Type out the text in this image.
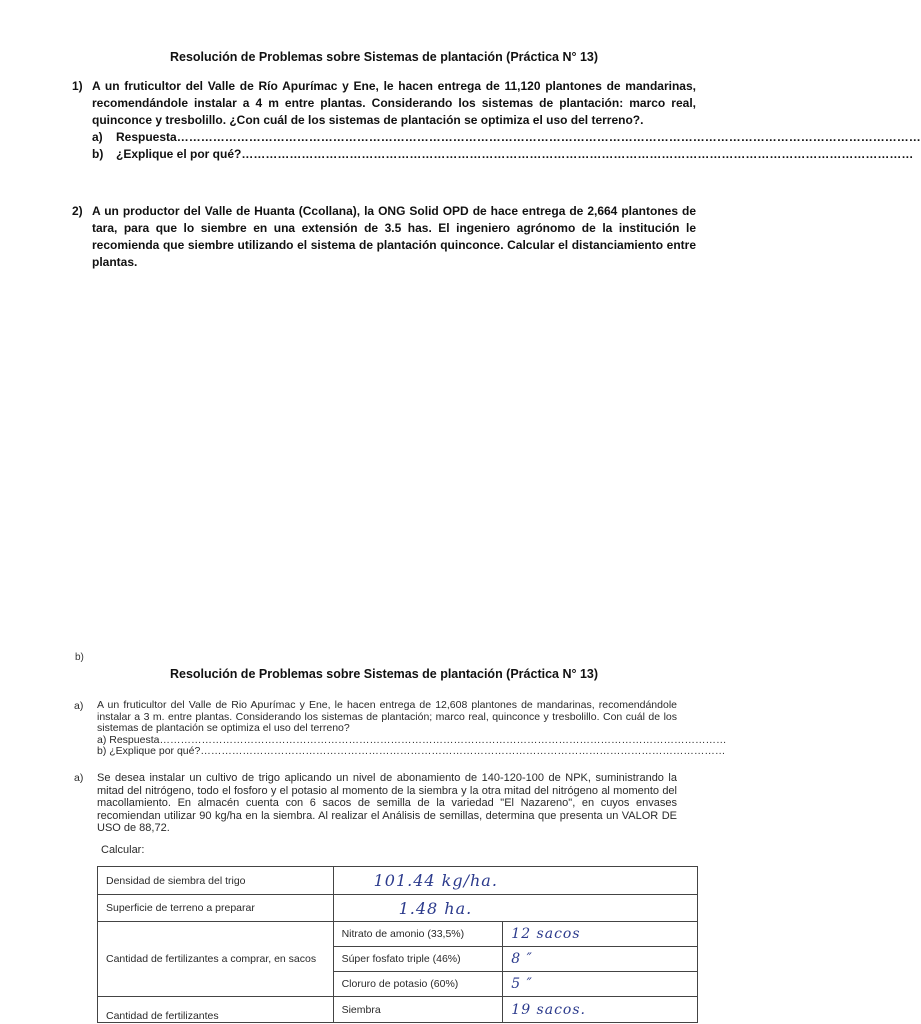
Resolución de Problemas sobre Sistemas de plantación (Práctica N° 13)
1) A un fruticultor del Valle de Río Apurímac y Ene, le hacen entrega de 11,120 plantones de mandarinas, recomendándole instalar a 4 m entre plantas. Considerando los sistemas de plantación: marco real, quinconce y tresbolillo. ¿Con cuál de los sistemas de plantación se optimiza el uso del terreno?.
a) Respuesta……………………………………………………………………………………………………………………………………………………………………
b) ¿Explique el por qué?……………………………………………………………………………………………………………………………………………………
2) A un productor del Valle de Huanta (Ccollana), la ONG Solid OPD de hace entrega de 2,664 plantones de tara, para que lo siembre en una extensión de 3.5 has. El ingeniero agrónomo de la institución le recomienda que siembre utilizando el sistema de plantación quinconce. Calcular el distanciamiento entre plantas.
b)
Resolución de Problemas sobre Sistemas de plantación (Práctica N° 13)
a) A un fruticultor del Valle de Rio Apurímac y Ene, le hacen entrega de 12,608 plantones de mandarinas, recomendándole instalar a 3 m. entre plantas. Considerando los sistemas de plantación; marco real, quinconce y tresbolillo. Con cuál de los sistemas de plantación se optimiza el uso del terreno?
a) Respuesta………………………………………………………………………………………………………………………………………………
b) ¿Explique por qué?……………………………………………………………………………………………………………………………………
a) Se desea instalar un cultivo de trigo aplicando un nivel de abonamiento de 140-120-100 de NPK, suministrando la mitad del nitrógeno, todo el fosforo y el potasio al momento de la siembra y la otra mitad del nitrógeno al momento del macollamiento. En almacén cuenta con 6 sacos de semilla de la variedad "El Nazareno", en cuyos envases recomiendan utilizar 90 kg/ha en la siembra. Al realizar el Análisis de semillas, determina que presenta un VALOR DE USO de 88,72.
Calcular:
Densidad de siembra del trigo	101.44 kg/ha.	
Superficie de terreno a preparar	1.48 ha.	
Cantidad de fertilizantes a comprar, en sacos	Nitrato de amonio (33,5%)	12 sacos
	Súper fosfato triple (46%)	8 ″
	Cloruro de potasio (60%)	5 ″
Cantidad de fertilizantes	Siembra	19 sacos.
